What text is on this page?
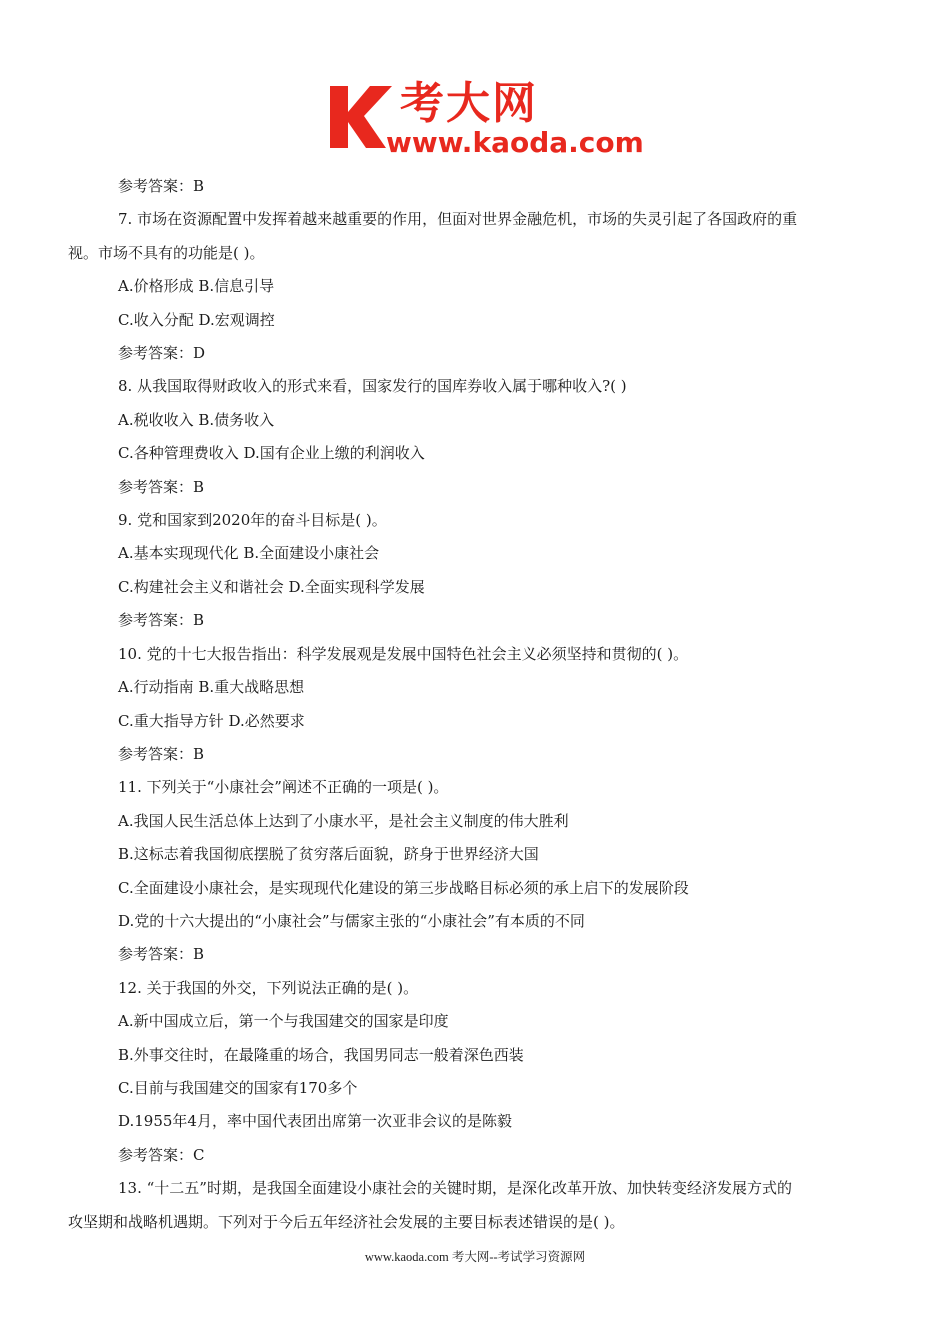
考大网
www.kaoda.com
参考答案：B
7. 市场在资源配置中发挥着越来越重要的作用，但面对世界金融危机，市场的失灵引起了各国政府的重
视。市场不具有的功能是( )。
A.价格形成 B.信息引导
C.收入分配 D.宏观调控
参考答案：D
8. 从我国取得财政收入的形式来看，国家发行的国库券收入属于哪种收入?( )
A.税收收入 B.债务收入
C.各种管理费收入 D.国有企业上缴的利润收入
参考答案：B
9. 党和国家到2020年的奋斗目标是( )。
A.基本实现现代化 B.全面建设小康社会
C.构建社会主义和谐社会 D.全面实现科学发展
参考答案：B
10. 党的十七大报告指出：科学发展观是发展中国特色社会主义必须坚持和贯彻的( )。
A.行动指南 B.重大战略思想
C.重大指导方针 D.必然要求
参考答案：B
11. 下列关于“小康社会”阐述不正确的一项是( )。
A.我国人民生活总体上达到了小康水平，是社会主义制度的伟大胜利
B.这标志着我国彻底摆脱了贫穷落后面貌，跻身于世界经济大国
C.全面建设小康社会，是实现现代化建设的第三步战略目标必须的承上启下的发展阶段
D.党的十六大提出的“小康社会”与儒家主张的“小康社会”有本质的不同
参考答案：B
12. 关于我国的外交，下列说法正确的是( )。
A.新中国成立后，第一个与我国建交的国家是印度
B.外事交往时，在最隆重的场合，我国男同志一般着深色西装
C.目前与我国建交的国家有170多个
D.1955年4月，率中国代表团出席第一次亚非会议的是陈毅
参考答案：C
13. “十二五”时期，是我国全面建设小康社会的关键时期，是深化改革开放、加快转变经济发展方式的
攻坚期和战略机遇期。下列对于今后五年经济社会发展的主要目标表述错误的是( )。
www.kaoda.com 考大网--考试学习资源网
